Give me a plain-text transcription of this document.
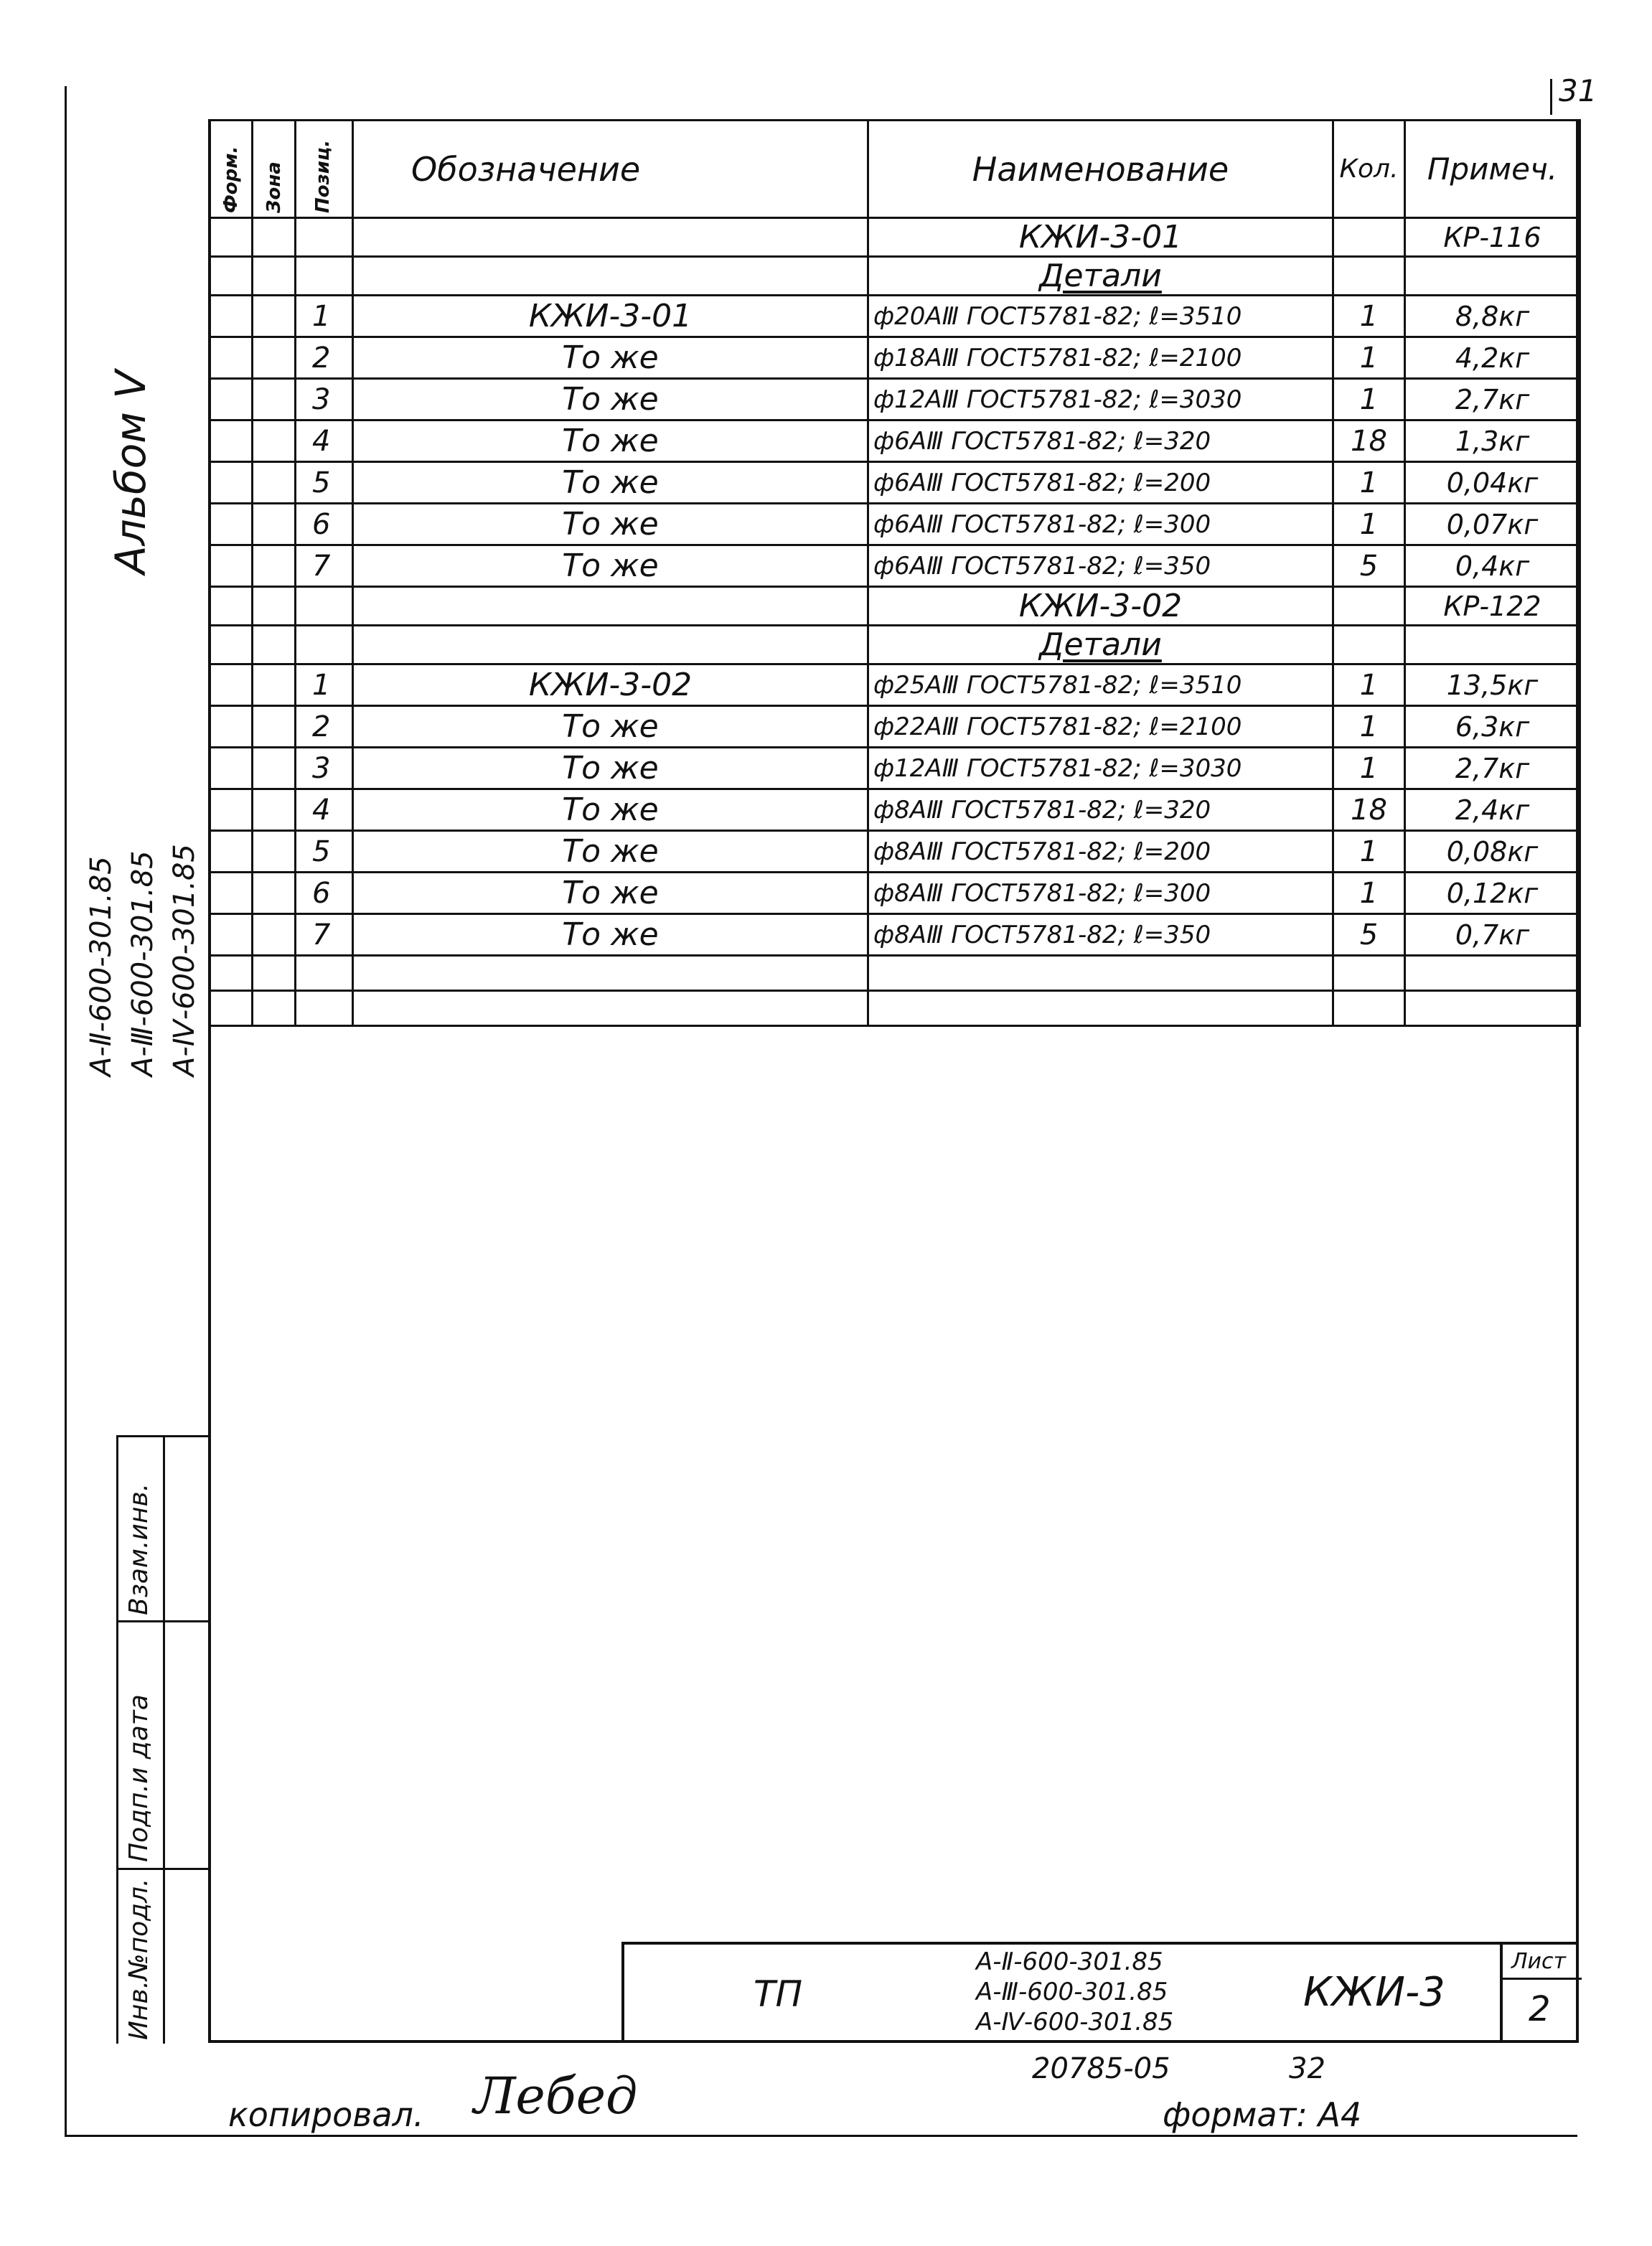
31
Форм.	Зона	Позиц.	Обозначение	Наименование	Кол.	Примеч.
				КЖИ-3-01		КР-116
				Детали		
		1	КЖИ-3-01	ф20АⅢ ГОСТ5781-82; ℓ=3510	1	8,8кг
		2	То же	ф18АⅢ ГОСТ5781-82; ℓ=2100	1	4,2кг
		3	То же	ф12АⅢ ГОСТ5781-82; ℓ=3030	1	2,7кг
		4	То же	ф6АⅢ ГОСТ5781-82; ℓ=320	18	1,3кг
		5	То же	ф6АⅢ ГОСТ5781-82; ℓ=200	1	0,04кг
		6	То же	ф6АⅢ ГОСТ5781-82; ℓ=300	1	0,07кг
		7	То же	ф6АⅢ ГОСТ5781-82; ℓ=350	5	0,4кг
				КЖИ-3-02		КР-122
				Детали		
		1	КЖИ-3-02	ф25АⅢ ГОСТ5781-82; ℓ=3510	1	13,5кг
		2	То же	ф22АⅢ ГОСТ5781-82; ℓ=2100	1	6,3кг
		3	То же	ф12АⅢ ГОСТ5781-82; ℓ=3030	1	2,7кг
		4	То же	ф8АⅢ ГОСТ5781-82; ℓ=320	18	2,4кг
		5	То же	ф8АⅢ ГОСТ5781-82; ℓ=200	1	0,08кг
		6	То же	ф8АⅢ ГОСТ5781-82; ℓ=300	1	0,12кг
		7	То же	ф8АⅢ ГОСТ5781-82; ℓ=350	5	0,7кг

Альбом Ⅴ
А-Ⅱ-600-301.85 А-Ⅲ-600-301.85 А-Ⅳ-600-301.85
Взам.инв.
Подп.и дата
Инв.№подл.	ТП
А-Ⅱ-600-301.85
А-Ⅲ-600-301.85
А-Ⅳ-600-301.85
КЖИ-3
Лист
2
20785-05	32
копировал. Лебед	формат: А4
